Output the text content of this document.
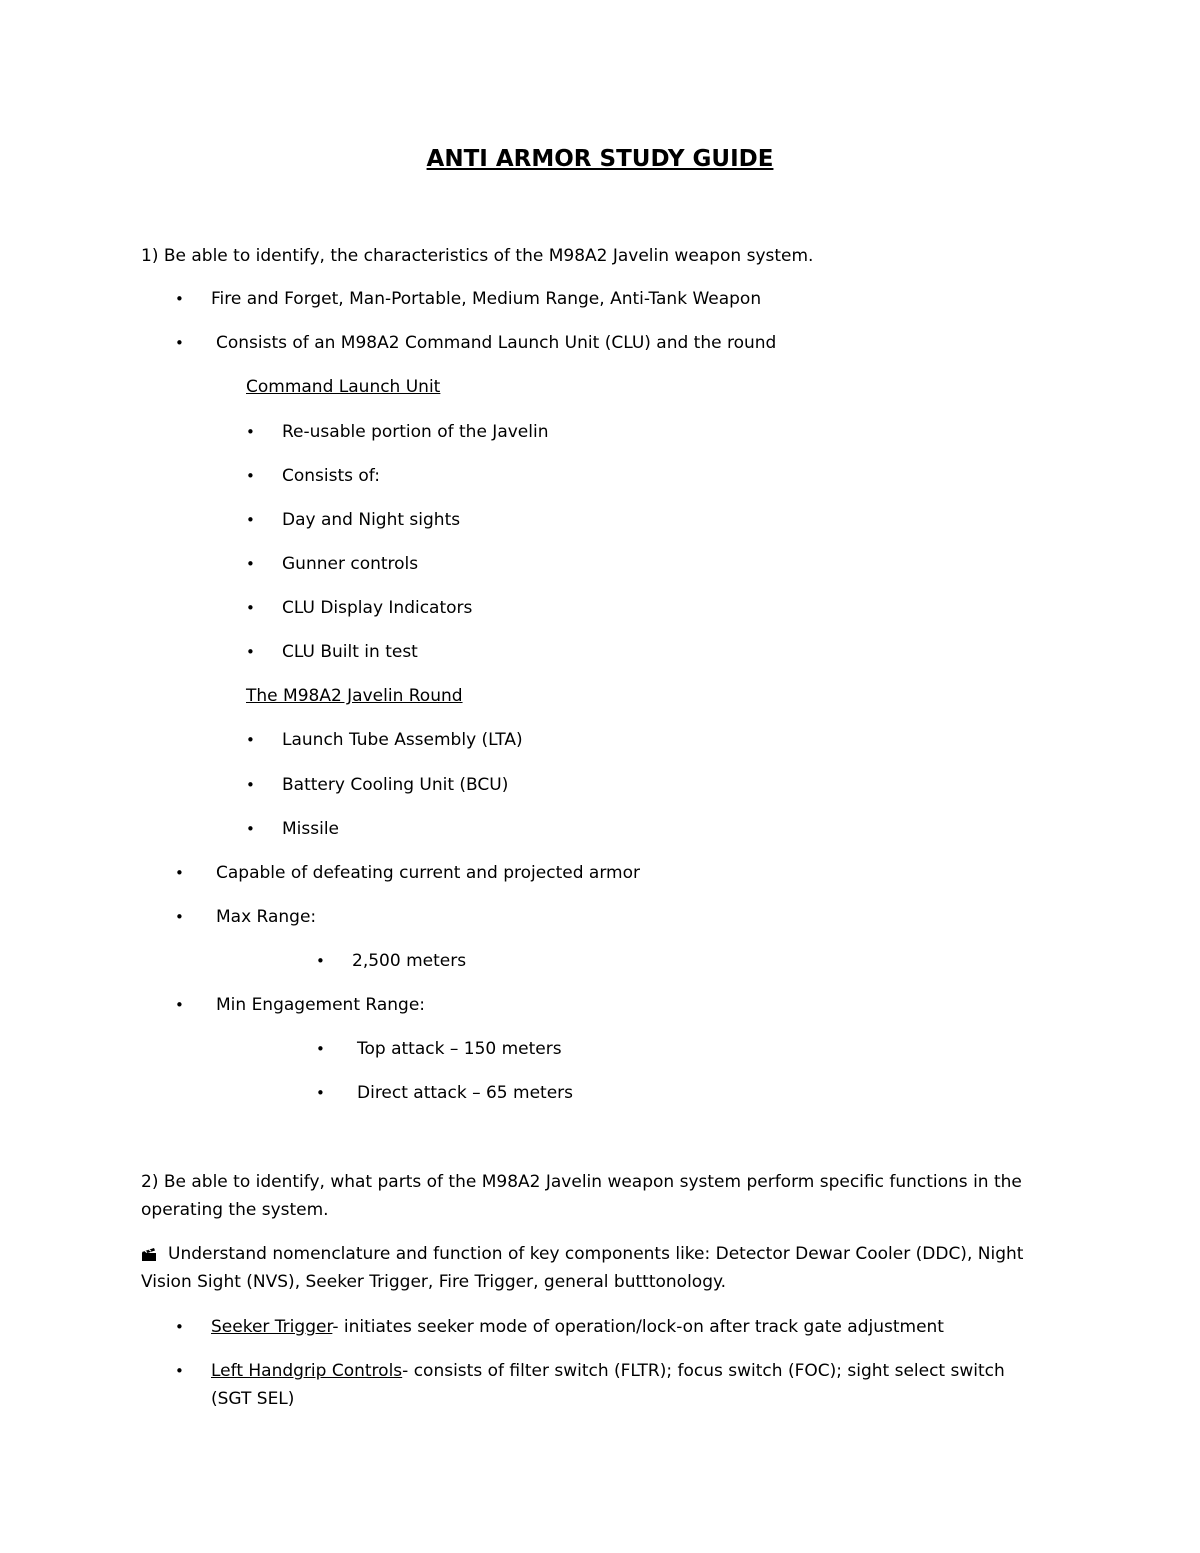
ANTI ARMOR STUDY GUIDE
1) Be able to identify, the characteristics of the M98A2 Javelin weapon system.
• Fire and Forget, Man-Portable, Medium Range, Anti-Tank Weapon
• Consists of an M98A2 Command Launch Unit (CLU) and the round
Command Launch Unit
• Re-usable portion of the Javelin
• Consists of:
• Day and Night sights
• Gunner controls
• CLU Display Indicators
• CLU Built in test
The M98A2 Javelin Round
• Launch Tube Assembly (LTA)
• Battery Cooling Unit (BCU)
• Missile
• Capable of defeating current and projected armor
• Max Range:
• 2,500 meters
• Min Engagement Range:
• Top attack – 150 meters
• Direct attack – 65 meters
2) Be able to identify, what parts of the M98A2 Javelin weapon system perform specific functions in the
operating the system.
Understand nomenclature and function of key components like: Detector Dewar Cooler (DDC), Night
Vision Sight (NVS), Seeker Trigger, Fire Trigger, general butttonology.
• Seeker Trigger- initiates seeker mode of operation/lock-on after track gate adjustment
• Left Handgrip Controls- consists of filter switch (FLTR); focus switch (FOC); sight select switch
(SGT SEL)
